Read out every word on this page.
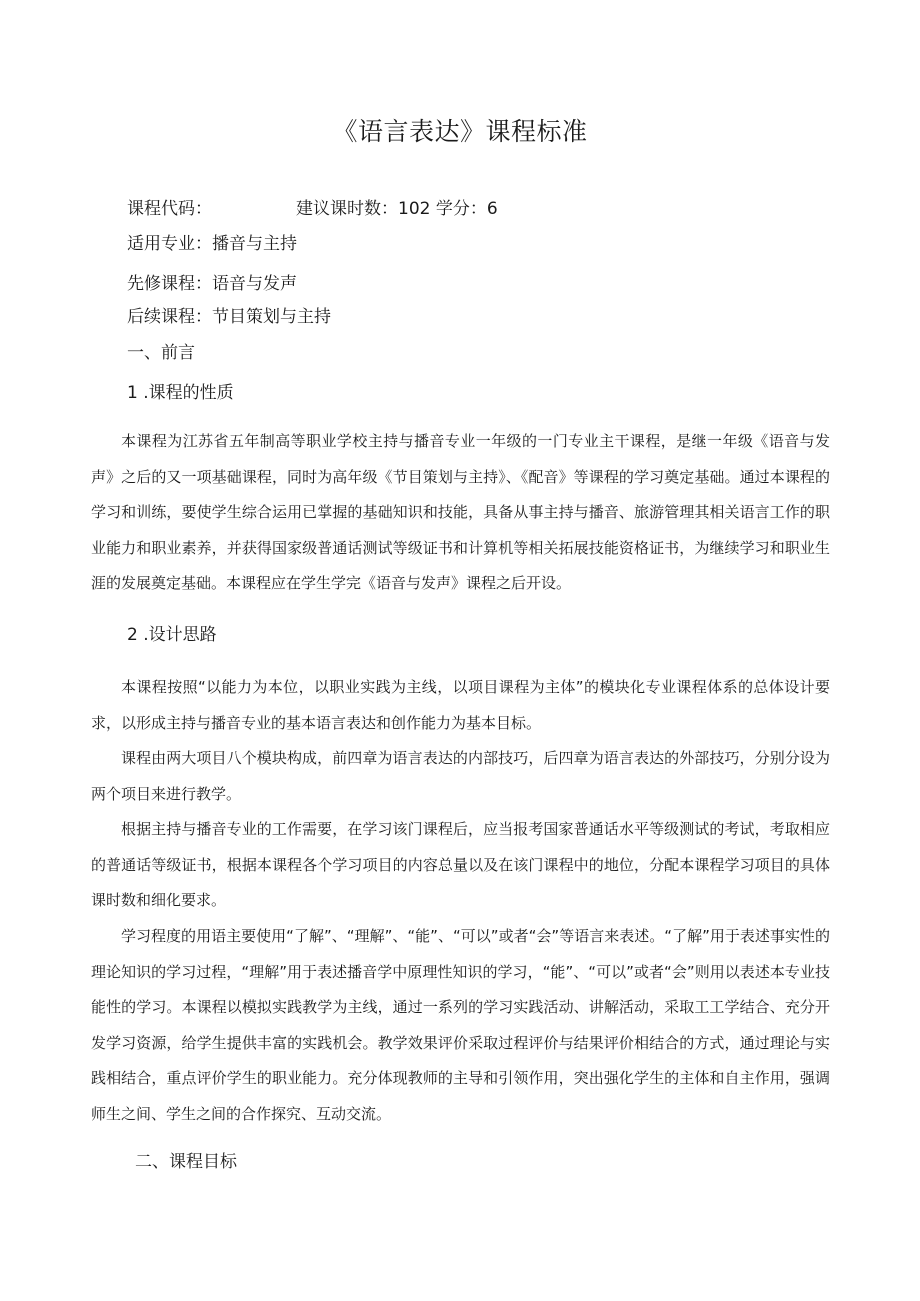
《语言表达》课程标准
课程代码：	建议课时数：102 学分：6
适用专业：播音与主持
先修课程：语音与发声
后续课程：节目策划与主持
一、前言
1 .课程的性质

本课程为江苏省五年制高等职业学校主持与播音专业一年级的一门专业主干课程，是继一年级《语音与发声》之后的又一项基础课程，同时为高年级《节目策划与主持》、《配音》等课程的学习奠定基础。通过本课程的学习和训练，要使学生综合运用已掌握的基础知识和技能，具备从事主持与播音、旅游管理其相关语言工作的职业能力和职业素养，并获得国家级普通话测试等级证书和计算机等相关拓展技能资格证书，为继续学习和职业生涯的发展奠定基础。本课程应在学生学完《语音与发声》课程之后开设。

2 .设计思路

本课程按照“以能力为本位，以职业实践为主线，以项目课程为主体”的模块化专业课程体系的总体设计要求，以形成主持与播音专业的基本语言表达和创作能力为基本目标。

课程由两大项目八个模块构成，前四章为语言表达的内部技巧，后四章为语言表达的外部技巧，分别分设为两个项目来进行教学。

根据主持与播音专业的工作需要，在学习该门课程后，应当报考国家普通话水平等级测试的考试，考取相应的普通话等级证书，根据本课程各个学习项目的内容总量以及在该门课程中的地位，分配本课程学习项目的具体课时数和细化要求。

学习程度的用语主要使用“了解”、“理解”、“能”、“可以”或者“会”等语言来表述。“了解”用于表述事实性的理论知识的学习过程，“理解”用于表述播音学中原理性知识的学习，“能”、“可以”或者“会”则用以表述本专业技能性的学习。本课程以模拟实践教学为主线，通过一系列的学习实践活动、讲解活动，采取工工学结合、充分开发学习资源，给学生提供丰富的实践机会。教学效果评价采取过程评价与结果评价相结合的方式，通过理论与实践相结合，重点评价学生的职业能力。充分体现教师的主导和引领作用，突出强化学生的主体和自主作用，强调师生之间、学生之间的合作探究、互动交流。

二、课程目标
